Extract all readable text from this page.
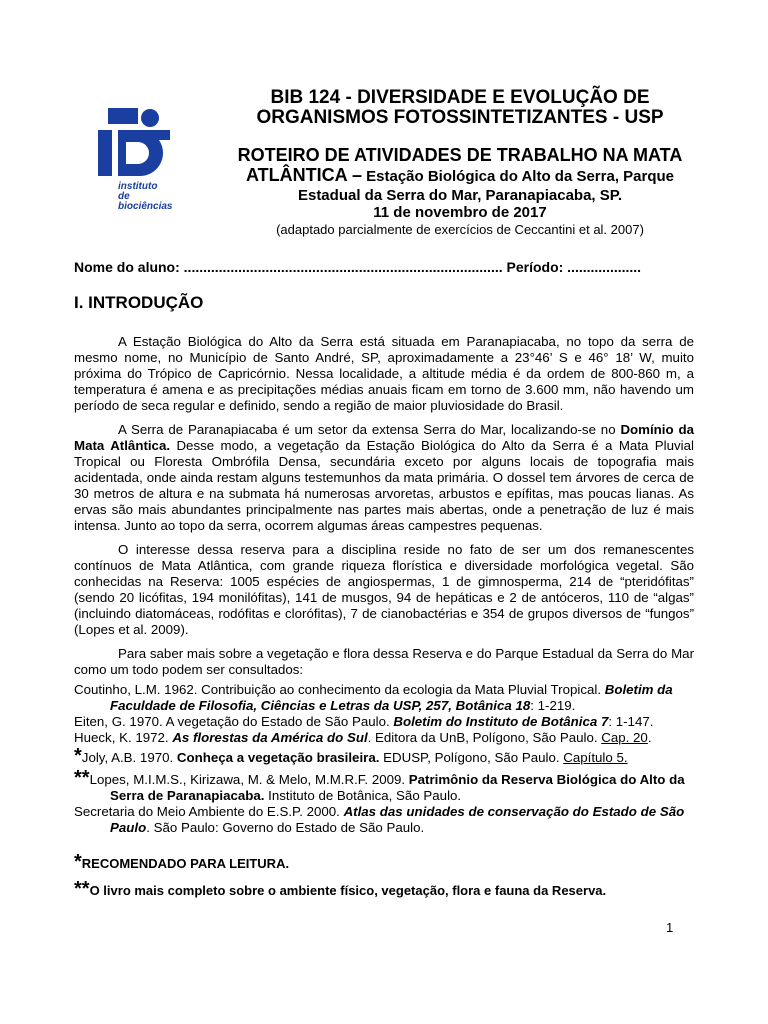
instituto
de biociências
BIB 124 - DIVERSIDADE E EVOLUÇÃO DE
ORGANISMOS FOTOSSINTETIZANTES - USP
ROTEIRO DE ATIVIDADES DE TRABALHO NA MATA
ATLÂNTICA – Estação Biológica do Alto da Serra, Parque
Estadual da Serra do Mar, Paranapiacaba, SP.
11 de novembro de 2017
(adaptado parcialmente de exercícios de Ceccantini et al. 2007)
Nome do aluno: .................................................................................. Período: ...................
I. INTRODUÇÃO

A Estação Biológica do Alto da Serra está situada em Paranapiacaba, no topo da serra de mesmo nome, no Município de Santo André, SP, aproximadamente a 23°46’ S e 46° 18’ W, muito próxima do Trópico de Capricórnio. Nessa localidade, a altitude média é da ordem de 800-860 m, a temperatura é amena e as precipitações médias anuais ficam em torno de 3.600 mm, não havendo um período de seca regular e definido, sendo a região de maior pluviosidade do Brasil.

A Serra de Paranapiacaba é um setor da extensa Serra do Mar, localizando-se no Domínio da Mata Atlântica. Desse modo, a vegetação da Estação Biológica do Alto da Serra é a Mata Pluvial Tropical ou Floresta Ombrófila Densa, secundária exceto por alguns locais de topografia mais acidentada, onde ainda restam alguns testemunhos da mata primária. O dossel tem árvores de cerca de 30 metros de altura e na submata há numerosas arvoretas, arbustos e epífitas, mas poucas lianas. As ervas são mais abundantes principalmente nas partes mais abertas, onde a penetração de luz é mais intensa. Junto ao topo da serra, ocorrem algumas áreas campestres pequenas.

O interesse dessa reserva para a disciplina reside no fato de ser um dos remanescentes contínuos de Mata Atlântica, com grande riqueza florística e diversidade morfológica vegetal. São conhecidas na Reserva: 1005 espécies de angiospermas, 1 de gimnosperma, 214 de “pteridófitas” (sendo 20 licófitas, 194 monilófitas), 141 de musgos, 94 de hepáticas e 2 de antóceros, 110 de “algas” (incluindo diatomáceas, rodófitas e clorófitas), 7 de cianobactérias e 354 de grupos diversos de “fungos” (Lopes et al. 2009).

Para saber mais sobre a vegetação e flora dessa Reserva e do Parque Estadual da Serra do Mar como um todo podem ser consultados:

Coutinho, L.M. 1962. Contribuição ao conhecimento da ecologia da Mata Pluvial Tropical. Boletim da Faculdade de Filosofia, Ciências e Letras da USP, 257, Botânica 18: 1-219.
Eiten, G. 1970. A vegetação do Estado de São Paulo. Boletim do Instituto de Botânica 7: 1-147.
Hueck, K. 1972. As florestas da América do Sul. Editora da UnB, Polígono, São Paulo. Cap. 20.
*Joly, A.B. 1970. Conheça a vegetação brasileira. EDUSP, Polígono, São Paulo. Capítulo 5.
**Lopes, M.I.M.S., Kirizawa, M. & Melo, M.M.R.F. 2009. Patrimônio da Reserva Biológica do Alto da Serra de Paranapiacaba. Instituto de Botânica, São Paulo.
Secretaria do Meio Ambiente do E.S.P. 2000. Atlas das unidades de conservação do Estado de São Paulo. São Paulo: Governo do Estado de São Paulo.
*RECOMENDADO PARA LEITURA.
**O livro mais completo sobre o ambiente físico, vegetação, flora e fauna da Reserva.
1
